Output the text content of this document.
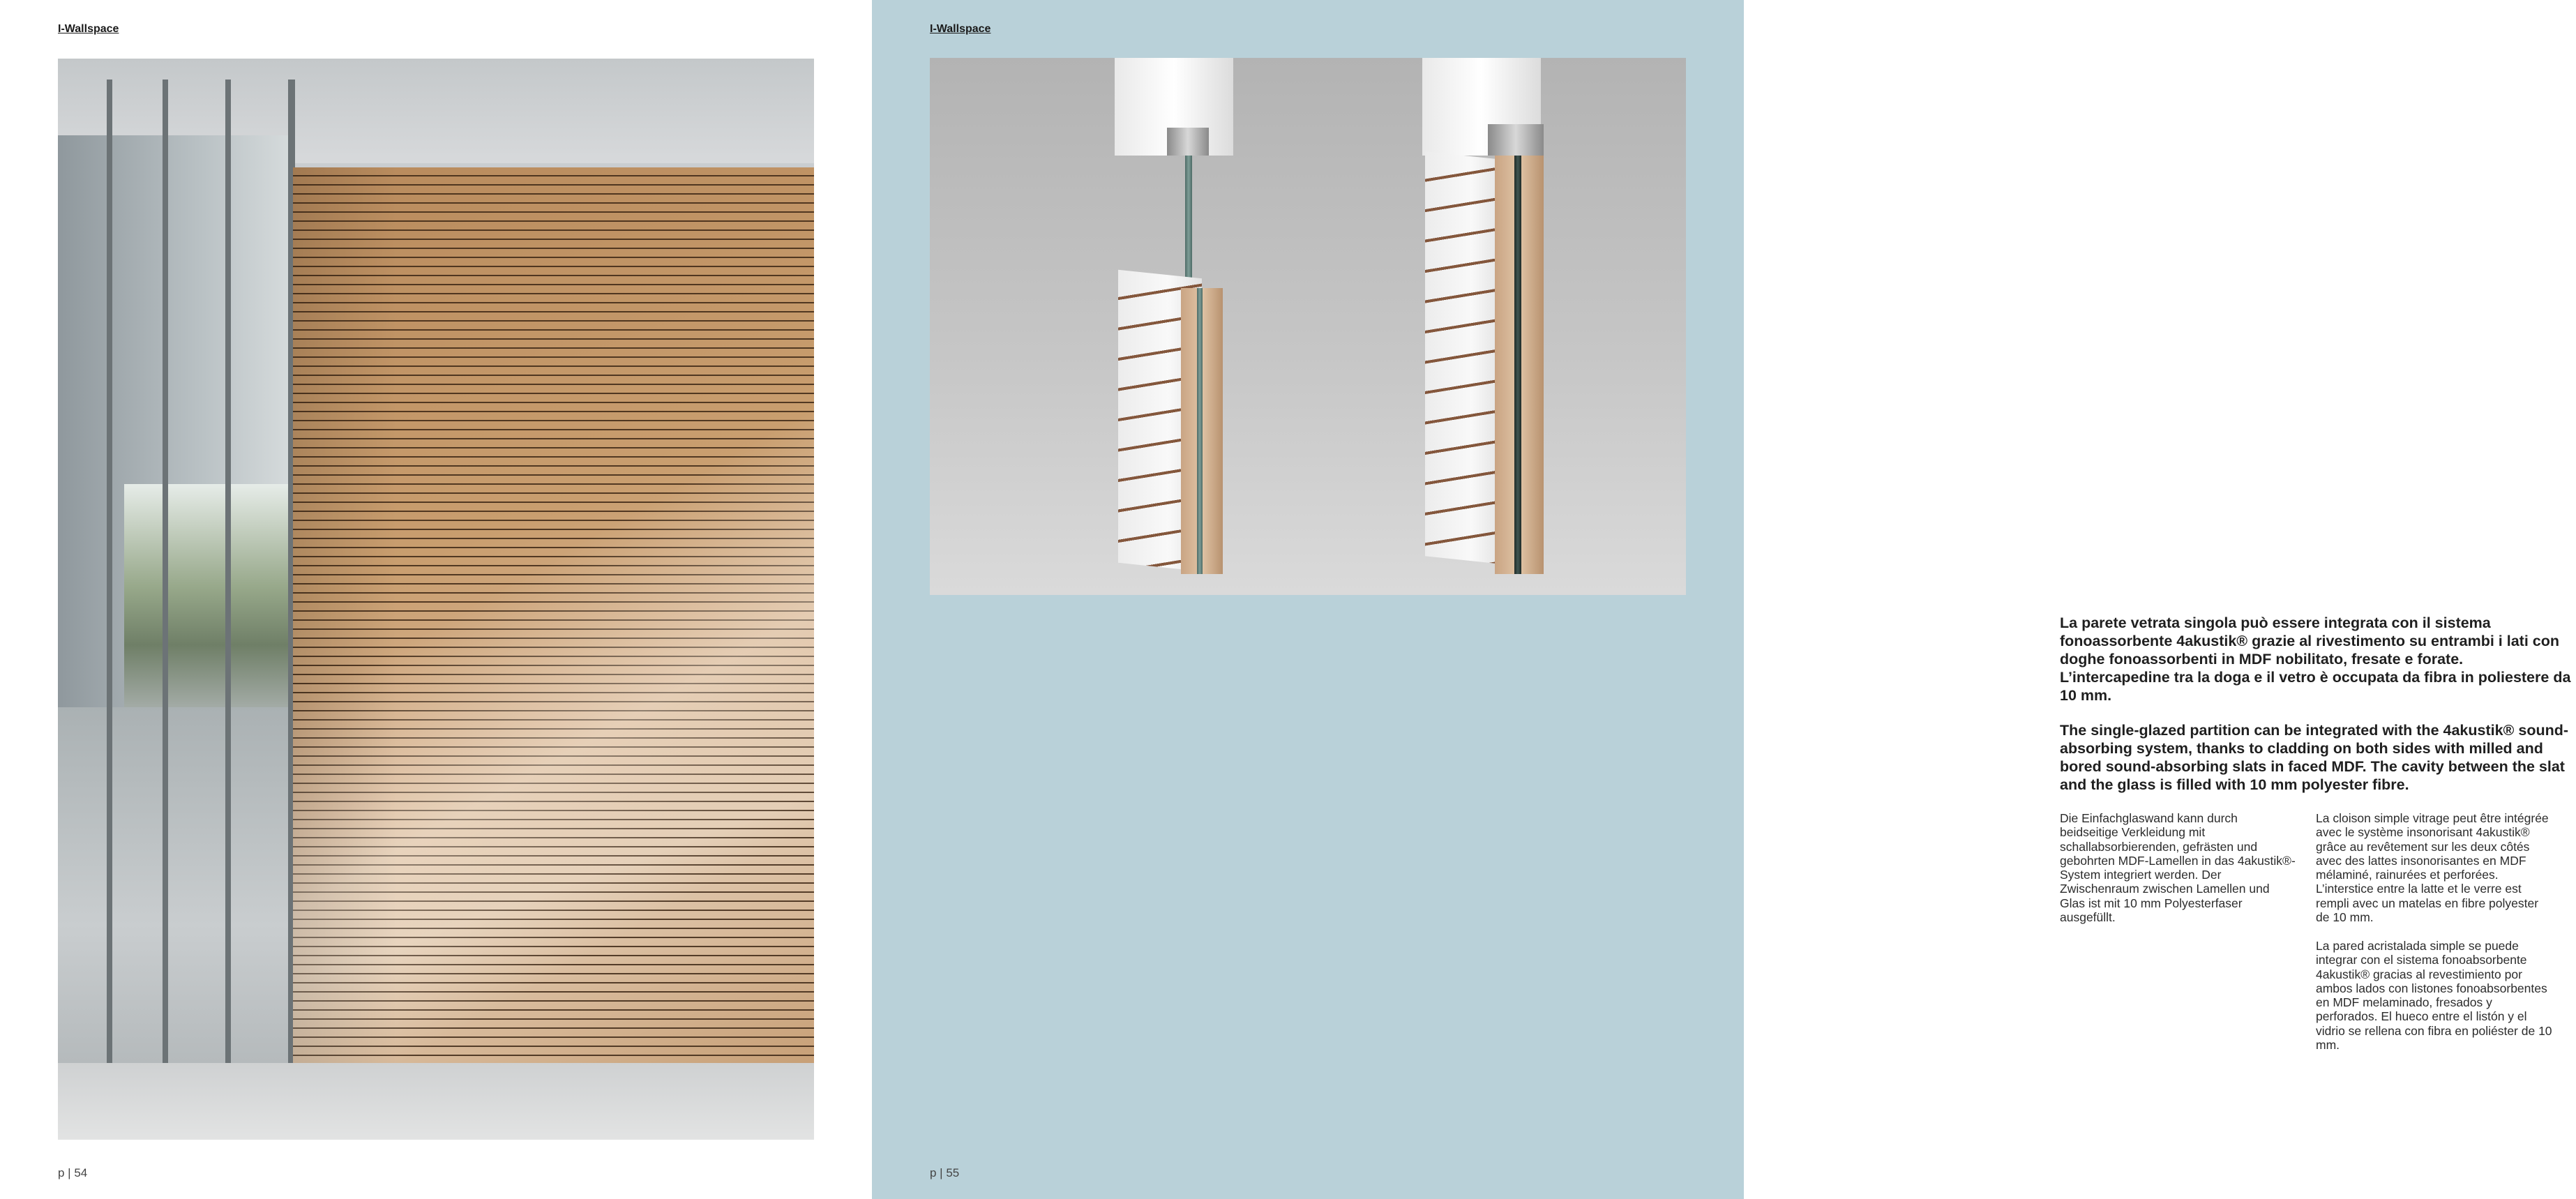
I-Wallspace
p | 54
I-Wallspace

La parete vetrata singola può essere integrata con il sistema fonoassorbente 4akustik® grazie al rivestimento su entrambi i lati con doghe fonoassorbenti in MDF nobilitato, fresate e forate. L’intercapedine tra la doga e il vetro è occupata da fibra in poliestere da 10 mm.

The single-glazed partition can be integrated with the 4akustik® sound-absorbing system, thanks to cladding on both sides with milled and bored sound-absorbing slats in faced MDF. The cavity between the slat and the glass is filled with 10 mm polyester fibre.

Die Einfachglaswand kann durch beidseitige Verkleidung mit schallabsorbierenden, gefrästen und gebohrten MDF-Lamellen in das 4akustik®-System integriert werden. Der Zwischenraum zwischen Lamellen und Glas ist mit 10 mm Polyesterfaser ausgefüllt.

La cloison simple vitrage peut être intégrée avec le système insonorisant 4akustik® grâce au revêtement sur les deux côtés avec des lattes insonorisantes en MDF mélaminé, rainurées et perforées. L’interstice entre la latte et le verre est rempli avec un matelas en fibre polyester de 10 mm.

La pared acristalada simple se puede integrar con el sistema fonoabsorbente 4akustik® gracias al revestimiento por ambos lados con listones fonoabsorbentes en MDF melaminado, fresados y perforados. El hueco entre el listón y el vidrio se rellena con fibra en poliéster de 10 mm.

p | 55
